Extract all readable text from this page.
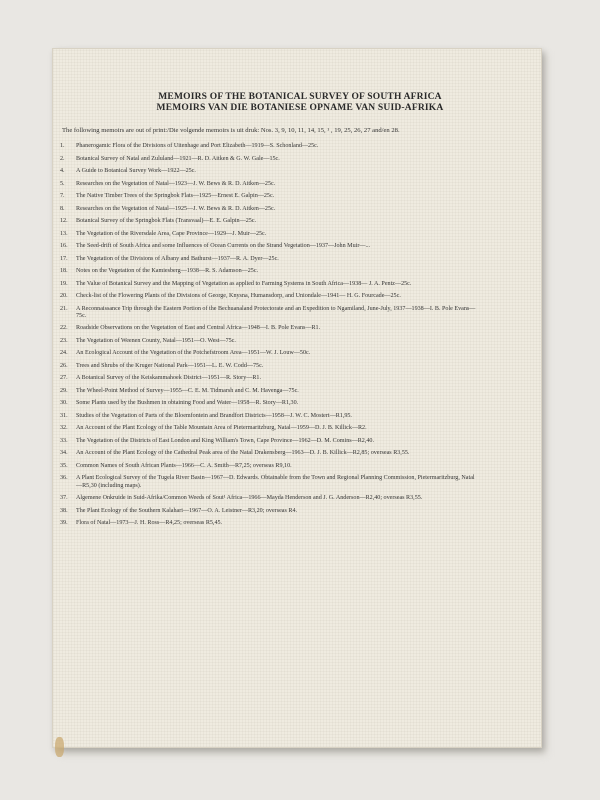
MEMOIRS OF THE BOTANICAL SURVEY OF SOUTH AFRICA
MEMOIRS VAN DIE BOTANIESE OPNAME VAN SUID-AFRIKA
The following memoirs are out of print:/Die volgende memoirs is uit druk: Nos. 3, 9, 10, 11, 14, 15, ¹ , 19, 25, 26, 27 and/en 28.
1.	Phanerogamic Flora of the Divisions of Uitenhage and Port Elizabeth—1919—S. Schonland—25c.
2.	Botanical Survey of Natal and Zululand—1921—R. D. Aitken & G. W. Gale—15c.
4.	A Guide to Botanical Survey Work—1922—25c.
5.	Researches on the Vegetation of Natal—1923—J. W. Bews & R. D. Aitken—25c.
7.	The Native Timber Trees of the Springbok Flats—1925—Ernest E. Galpin—25c.
8.	Researches on the Vegetation of Natal—1925—J. W. Bews & R. D. Aitken—25c.
12.	Botanical Survey of the Springbok Flats (Transvaal)—E. E. Galpin—25c.
13.	The Vegetation of the Riversdale Area, Cape Province—1929—J. Muir—25c.
16.	The Seed-drift of South Africa and some Influences of Ocean Currents on the Strand Vegetation—1937—John Muir—...
17.	The Vegetation of the Divisions of Albany and Bathurst—1937—R. A. Dyer—25c.
18.	Notes on the Vegetation of the Kamiesberg—1938—R. S. Adamson—25c.
19.	The Value of Botanical Survey and the Mapping of Vegetation as applied to Farming Systems in South Africa—1938— J. A. Pentz—25c.
20.	Check-list of the Flowering Plants of the Divisions of George, Knysna, Humansdorp, and Uniondale—1941— H. G. Fourcade—25c.
21.	A Reconnaissance Trip through the Eastern Portion of the Bechuanaland Protectorate and an Expedition to Ngamiland, June-July, 1937—1938—I. B. Pole Evans—75c.
22.	Roadside Observations on the Vegetation of East and Central Africa—1948—I. B. Pole Evans—R1.
23.	The Vegetation of Weenen County, Natal—1951—O. West—75c.
24.	An Ecological Account of the Vegetation of the Potchefstroom Area—1951—W. J. Louw—50c.
26.	Trees and Shrubs of the Kruger National Park—1951—L. E. W. Codd—75c.
27.	A Botanical Survey of the Keiskammahoek District—1951—R. Story—R1.
29.	The Wheel-Point Method of Survey—1955—C. E. M. Tidmarsh and C. M. Havenga—75c.
30.	Some Plants used by the Bushmen in obtaining Food and Water—1958—R. Story—R1,30.
31.	Studies of the Vegetation of Parts of the Bloemfontein and Brandfort Districts—1958—J. W. C. Mostert—R1,95.
32.	An Account of the Plant Ecology of the Table Mountain Area of Pietermaritzburg, Natal—1959—D. J. B. Killick—R2.
33.	The Vegetation of the Districts of East London and King William's Town, Cape Province—1962—D. M. Comins—R2,40.
34.	An Account of the Plant Ecology of the Cathedral Peak area of the Natal Drakensberg—1963—D. J. B. Killick—R2,85; overseas R3,55.
35.	Common Names of South African Plants—1966—C. A. Smith—R7,25; overseas R9,10.
36.	A Plant Ecological Survey of the Tugela River Basin—1967—D. Edwards. Obtainable from the Town and Regional Planning Commission, Pietermaritzburg, Natal—R5,30 (including maps).
37.	Algemene Onkruide in Suid-Afrika/Common Weeds of Sout¹ Africa—1966—Mayda Henderson and J. G. Anderson—R2,40; overseas R3,55.
38.	The Plant Ecology of the Southern Kalahari—1967—O. A. Leistner—R3,20; overseas R4.
39.	Flora of Natal—1973—J. H. Ross—R4,25; overseas R5,45.
